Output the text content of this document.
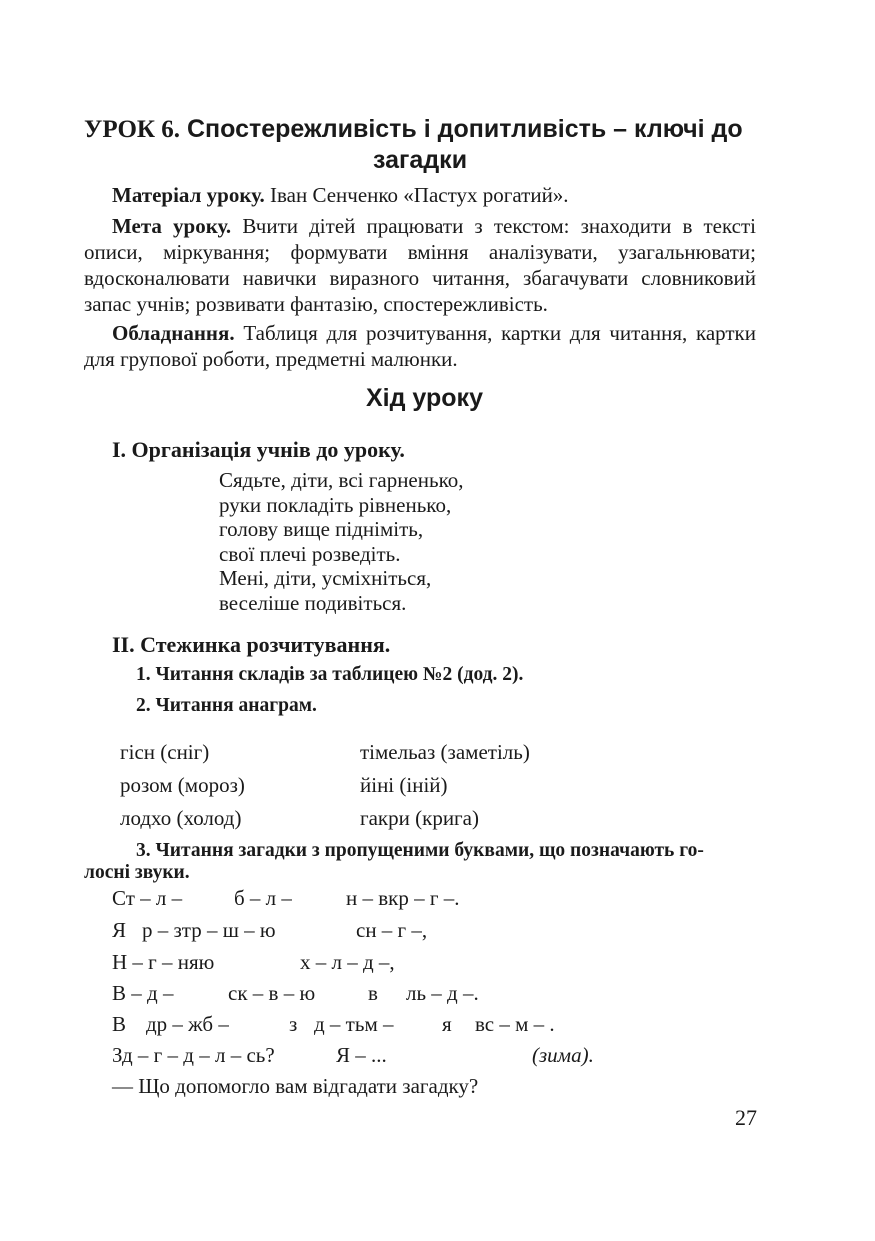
УРОК 6. Спостережливість і допитливість – ключі до
загадки
Матеріал уроку. Іван Сенченко «Пастух рогатий».
Мета уроку. Вчити дітей працювати з текстом: знаходити в тексті описи, міркування; формувати вміння аналізувати, узагальнювати; вдосконалювати навички виразного читання, збагачувати словниковий запас учнів; розвивати фантазію, спостережливість.
Обладнання. Таблиця для розчитування, картки для читання, картки для групової роботи, предметні малюнки.
Хід уроку
І. Організація учнів до уроку.
Сядьте, діти, всі гарненько,
руки покладіть рівненько,
голову вище підніміть,
свої плечі розведіть.
Мені, діти, усміхніться,
веселіше подивіться.
ІІ. Стежинка розчитування.
1. Читання складів за таблицею №2 (дод. 2).
2. Читання анаграм.
гісн (сніг)	тімельаз (заметіль)
розом (мороз)	йіні (іній)
лодхо (холод)	гакри (крига)
3. Читання загадки з пропущеними буквами, що позначають го-
лосні звуки.
Ст – л – б – л –	н – вкр – г –.
Я р – зтр – ш – ю	сн – г –,
Н – г – няю	х – л – д –,
В – д –	ск – в – ю	в ль – д –.
В др – жб –	з д – тьм – я вс – м – .
Зд – г – д – л – сь?	Я – ...	(зима).
— Що допомогло вам відгадати загадку?
27
